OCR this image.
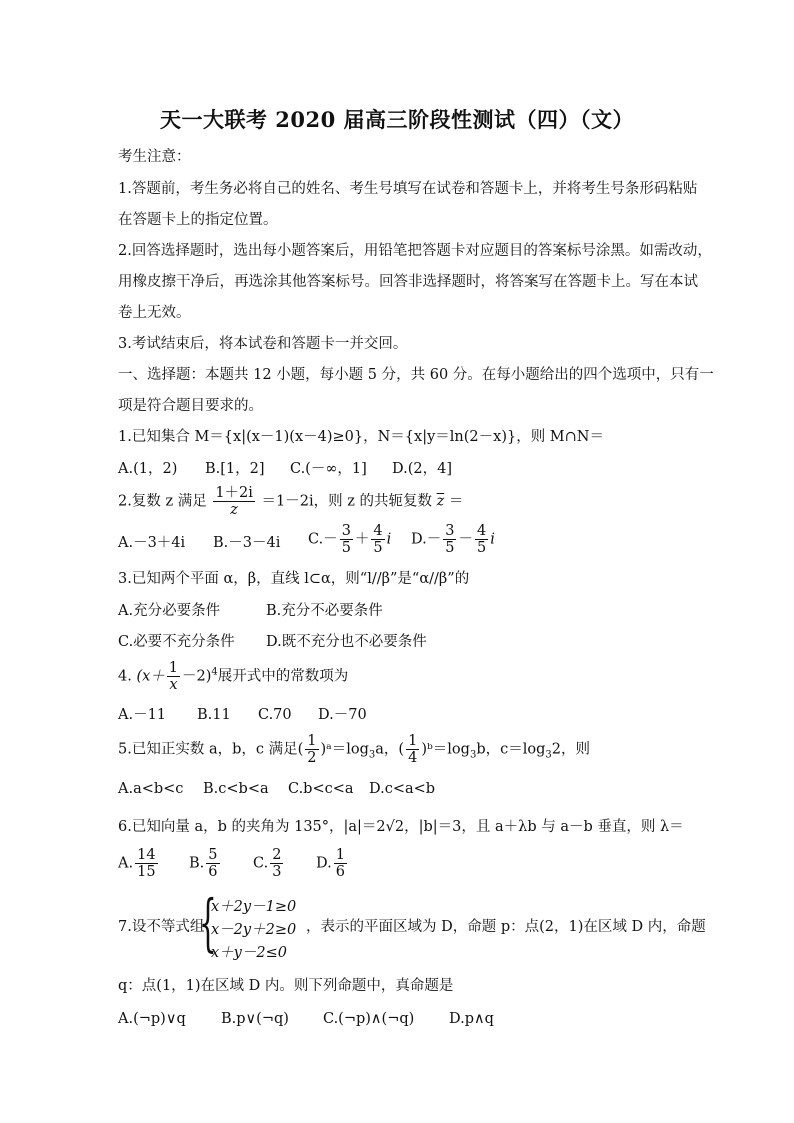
天一大联考 2020 届高三阶段性测试（四）（文）
考生注意：
1.答题前，考生务必将自己的姓名、考生号填写在试卷和答题卡上，并将考生号条形码粘贴
在答题卡上的指定位置。
2.回答选择题时，选出每小题答案后，用铅笔把答题卡对应题目的答案标号涂黑。如需改动，
用橡皮擦干净后，再选涂其他答案标号。回答非选择题时，将答案写在答题卡上。写在本试
卷上无效。
3.考试结束后，将本试卷和答题卡一并交回。
一、选择题：本题共 12 小题，每小题 5 分，共 60 分。在每小题给出的四个选项中，只有一
项是符合题目要求的。
1.已知集合 M＝{x|(x－1)(x－4)≥0}，N＝{x|y＝ln(2－x)}，则 M∩N＝
A.(1，2) B.[1，2] C.(－∞，1] D.(2，4]
2.复数 z 满足 $\frac{1+2i}{z} =1-2i$，则 z 的共轭复数 $\overline{z}$ ＝
A.－3＋4i B.－3－4i $C.- \frac{3}{5} + \frac{4}{5}$ i $D.- \frac{3}{5} - \frac{4}{5}$ i
3.已知两个平面 α，β，直线 l⊂α，则“l//β”是“α//β”的
A.充分必要条件	B.充分不必要条件
C.必要不充分条件 D.既不充分也不必要条件
4. $(x+ \frac{1}{x} -2)^4$展开式中的常数项为
A.－11 B.11 C.70 D.－70
5.已知正实数 a，b，c 满足( $\frac{1}{2}$ )$ᵃ=\log_3a$，( $\frac{1}{4}$ )$ᵇ=\log_3b$，$c=\log_32$，则
A.a<b<c B.c<b<a C.b<c<a D.c<a<b
6.已知向量 a，b 的夹角为 135°，|a|＝2√2，|b|＝3，且 a＋λb 与 a－b 垂直，则 λ＝
A. $\frac{14}{15} B$. $\frac{5}{6} C$. $\frac{2}{3} D$. $\frac{1}{6}$
7.设不等式组
{
x＋2y－1≥0
x－2y＋2≥0
x＋y－2≤0
，表示的平面区域为 D，命题 p：点(2，1)在区域 D 内，命题
q：点(1，1)在区域 D 内。则下列命题中，真命题是
A.(¬p)∨q B.p∨(¬q) C.(¬p)∧(¬q) D.p∧q
